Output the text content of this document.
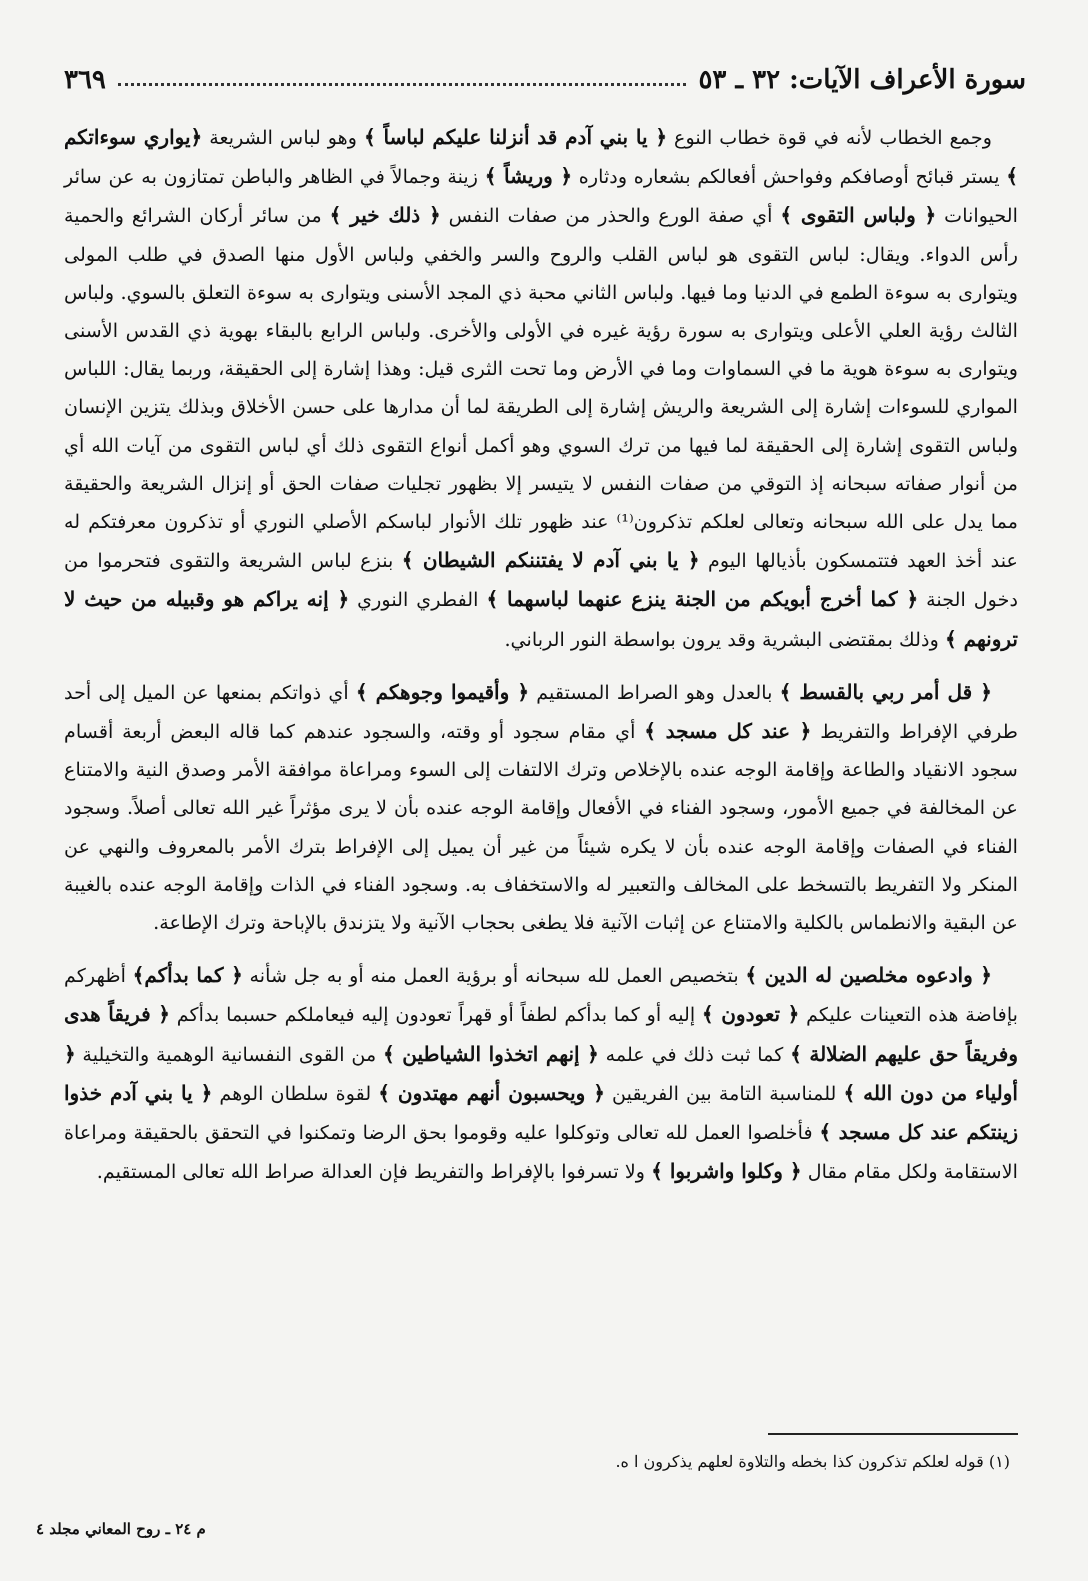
٣٦٩	سورة الأعراف الآيات: ٣٢ ـ ٥٣

وجمع الخطاب لأنه في قوة خطاب النوع ﴿ يا بني آدم قد أنزلنا عليكم لباساً ﴾ وهو لباس الشريعة ﴿يواري سوءاتكم ﴾ يستر قبائح أوصافكم وفواحش أفعالكم بشعاره ودثاره ﴿ وريشاً ﴾ زينة وجمالاً في الظاهر والباطن تمتازون به عن سائر الحيوانات ﴿ ولباس التقوى ﴾ أي صفة الورع والحذر من صفات النفس ﴿ ذلك خير ﴾ من سائر أركان الشرائع والحمية رأس الدواء. ويقال: لباس التقوى هو لباس القلب والروح والسر والخفي ولباس الأول منها الصدق في طلب المولى ويتوارى به سوءة الطمع في الدنيا وما فيها. ولباس الثاني محبة ذي المجد الأسنى ويتوارى به سوءة التعلق بالسوي. ولباس الثالث رؤية العلي الأعلى ويتوارى به سورة رؤية غيره في الأولى والأخرى. ولباس الرابع بالبقاء بهوية ذي القدس الأسنى ويتوارى به سوءة هوية ما في السماوات وما في الأرض وما تحت الثرى قيل: وهذا إشارة إلى الحقيقة، وربما يقال: اللباس المواري للسوءات إشارة إلى الشريعة والريش إشارة إلى الطريقة لما أن مدارها على حسن الأخلاق وبذلك يتزين الإنسان ولباس التقوى إشارة إلى الحقيقة لما فيها من ترك السوي وهو أكمل أنواع التقوى ذلك أي لباس التقوى من آيات الله أي من أنوار صفاته سبحانه إذ التوقي من صفات النفس لا يتيسر إلا بظهور تجليات صفات الحق أو إنزال الشريعة والحقيقة مما يدل على الله سبحانه وتعالى لعلكم تذكرون⁽¹⁾ عند ظهور تلك الأنوار لباسكم الأصلي النوري أو تذكرون معرفتكم له عند أخذ العهد فتتمسكون بأذيالها اليوم ﴿ يا بني آدم لا يفتننكم الشيطان ﴾ بنزع لباس الشريعة والتقوى فتحرموا من دخول الجنة ﴿ كما أخرج أبويكم من الجنة ينزع عنهما لباسهما ﴾ الفطري النوري ﴿ إنه يراكم هو وقبيله من حيث لا ترونهم ﴾ وذلك بمقتضى البشرية وقد يرون بواسطة النور الرباني.

﴿ قل أمر ربي بالقسط ﴾ بالعدل وهو الصراط المستقيم ﴿ وأقيموا وجوهكم ﴾ أي ذواتكم بمنعها عن الميل إلى أحد طرفي الإفراط والتفريط ﴿ عند كل مسجد ﴾ أي مقام سجود أو وقته، والسجود عندهم كما قاله البعض أربعة أقسام سجود الانقياد والطاعة وإقامة الوجه عنده بالإخلاص وترك الالتفات إلى السوء ومراعاة موافقة الأمر وصدق النية والامتناع عن المخالفة في جميع الأمور، وسجود الفناء في الأفعال وإقامة الوجه عنده بأن لا يرى مؤثراً غير الله تعالى أصلاً. وسجود الفناء في الصفات وإقامة الوجه عنده بأن لا يكره شيئاً من غير أن يميل إلى الإفراط بترك الأمر بالمعروف والنهي عن المنكر ولا التفريط بالتسخط على المخالف والتعبير له والاستخفاف به. وسجود الفناء في الذات وإقامة الوجه عنده بالغيبة عن البقية والانطماس بالكلية والامتناع عن إثبات الآنية فلا يطغى بحجاب الآنية ولا يتزندق بالإباحة وترك الإطاعة.

﴿ وادعوه مخلصين له الدين ﴾ بتخصيص العمل لله سبحانه أو برؤية العمل منه أو به جل شأنه ﴿ كما بدأكم﴾ أظهركم بإفاضة هذه التعينات عليكم ﴿ تعودون ﴾ إليه أو كما بدأكم لطفاً أو قهراً تعودون إليه فيعاملكم حسبما بدأكم ﴿ فريقاً هدى وفريقاً حق عليهم الضلالة ﴾ كما ثبت ذلك في علمه ﴿ إنهم اتخذوا الشياطين ﴾ من القوى النفسانية الوهمية والتخيلية ﴿ أولياء من دون الله ﴾ للمناسبة التامة بين الفريقين ﴿ ويحسبون أنهم مهتدون ﴾ لقوة سلطان الوهم ﴿ يا بني آدم خذوا زينتكم عند كل مسجد ﴾ فأخلصوا العمل لله تعالى وتوكلوا عليه وقوموا بحق الرضا وتمكنوا في التحقق بالحقيقة ومراعاة الاستقامة ولكل مقام مقال ﴿ وكلوا واشربوا ﴾ ولا تسرفوا بالإفراط والتفريط فإن العدالة صراط الله تعالى المستقيم.

(١) قوله لعلكم تذكرون كذا بخطه والتلاوة لعلهم يذكرون ا ه.
م ٢٤ ـ روح المعاني مجلد ٤
